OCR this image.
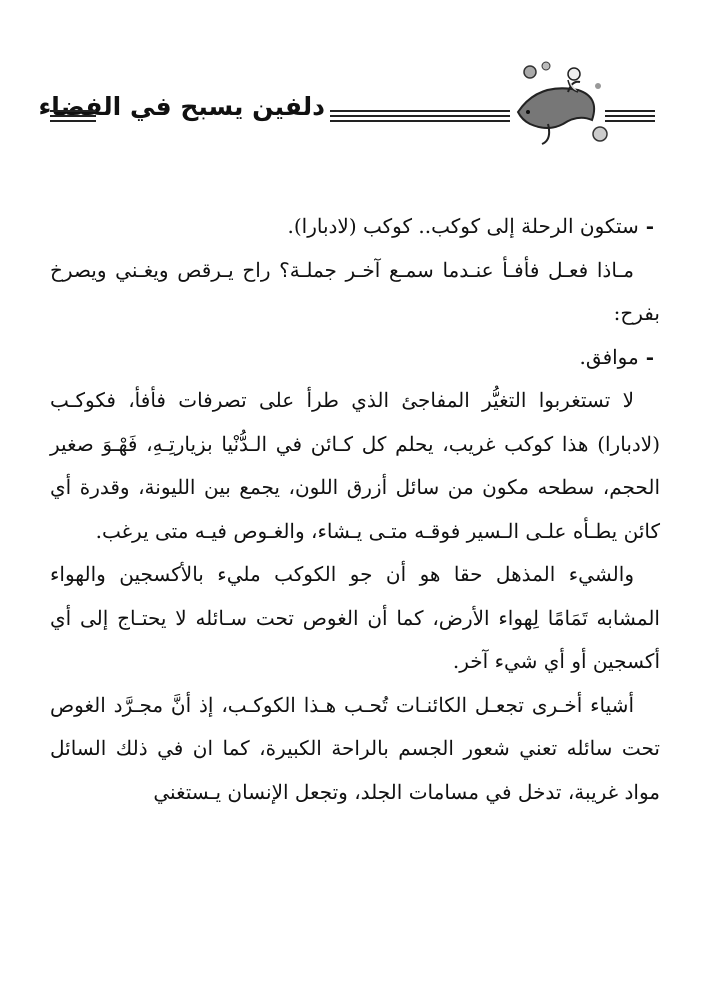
دلفين يسبح في الفضاء

- ستكون الرحلة إلى كوكب.. كوكب (لادبارا).

مـاذا فعـل فأفـأ عنـدما سمـع آخـر جملـة؟ راح يـرقص ويغـني ويصرخ بفرح:

- موافق.

لا تستغربوا التغيُّر المفاجئ الذي طرأ على تصرفات فأفأ، فكوكـب (لادبارا) هذا كوكب غريب، يحلم كل كـائن في الـدُّنْيا بزيارتِـهِ، فَهْـوَ صغير الحجم، سطحه مكون من سائل أزرق اللون، يجمع بين الليونة، وقدرة أي كائن يطـأه علـى الـسير فوقـه متـى يـشاء، والغـوص فيـه متى يرغب.

والشيء المذهل حقا هو أن جو الكوكب مليء بالأكسجين والهواء المشابه تَمَامًا لِهواء الأرض، كما أن الغوص تحت سـائله لا يحتـاج إلى أي أكسجين أو أي شيء آخر.

أشياء أخـرى تجعـل الكائنـات تُحـب هـذا الكوكـب، إذ أنَّ مجـرَّد الغوص تحت سائله تعني شعور الجسم بالراحة الكبيرة، كما ان في ذلك السائل مواد غريبة، تدخل في مسامات الجلد، وتجعل الإنسان يـستغني
